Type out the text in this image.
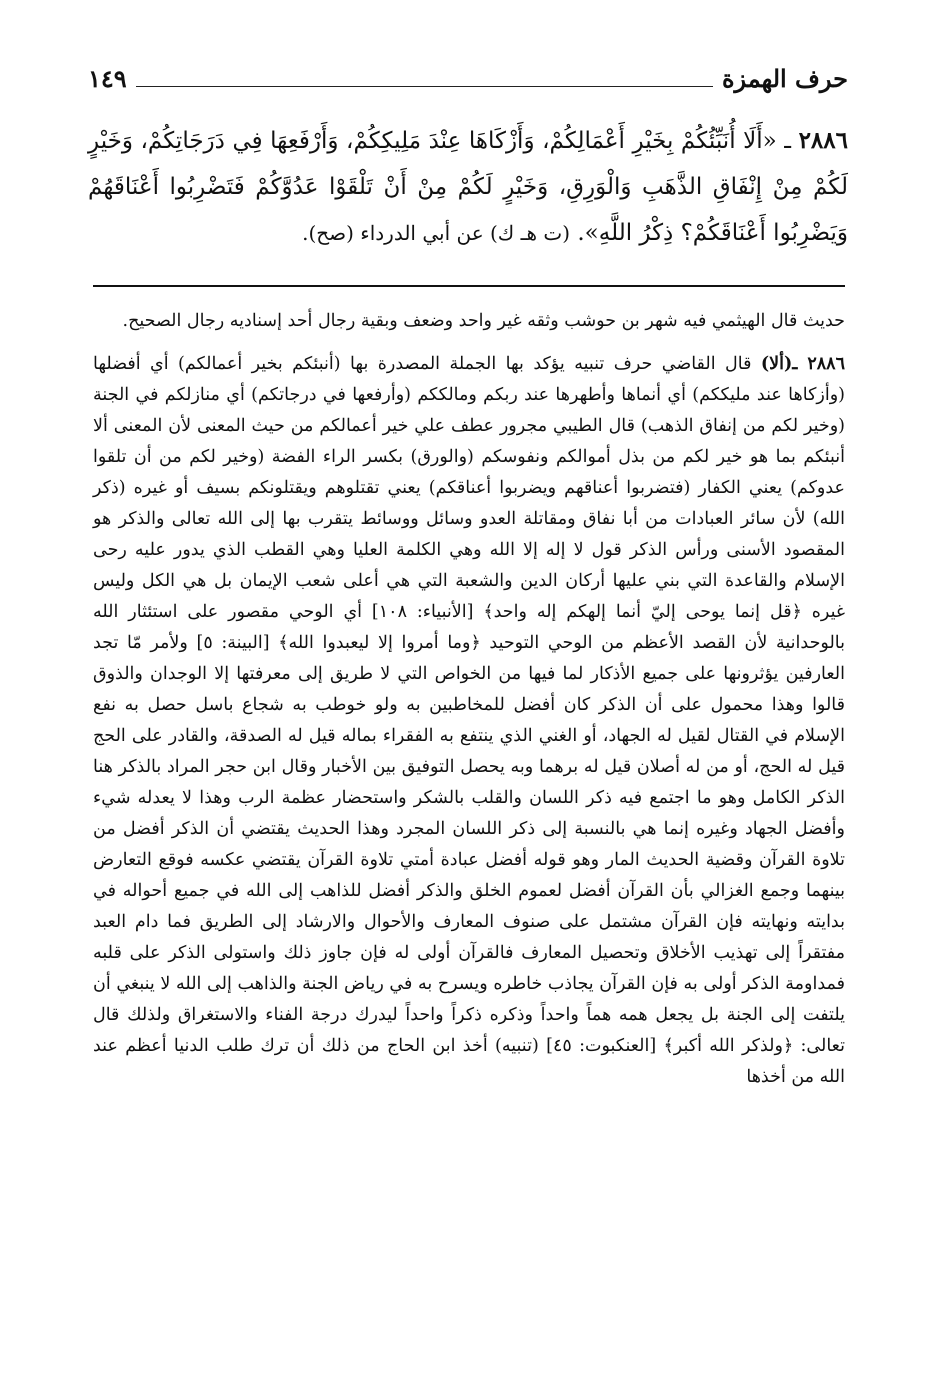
حرف الهمزة
١٤٩
٢٨٨٦ ـ «أَلَا أُنَبِّئُكُمْ بِخَيْرِ أَعْمَالِكُمْ، وَأَزْكَاهَا عِنْدَ مَلِيكِكُمْ، وَأَرْفَعِهَا فِي دَرَجَاتِكُمْ، وَخَيْرٍ لَكُمْ مِنْ إِنْفَاقِ الذَّهَبِ وَالْوَرِقِ، وَخَيْرٍ لَكُمْ مِنْ أَنْ تَلْقَوْا عَدُوَّكُمْ فَتَضْرِبُوا أَعْنَاقَهُمْ وَيَضْرِبُوا أَعْنَاقَكُمْ؟ ذِكْرُ اللَّهِ». (ت هـ ك) عن أبي الدرداء (صح).

حديث قال الهيثمي فيه شهر بن حوشب وثقه غير واحد وضعف وبقية رجال أحد إسناديه رجال الصحيح.

٢٨٨٦ ـ(ألا) قال القاضي حرف تنبيه يؤكد بها الجملة المصدرة بها (أنبئكم بخير أعمالكم) أي أفضلها (وأزكاها عند مليككم) أي أنماها وأطهرها عند ربكم ومالككم (وأرفعها في درجاتكم) أي منازلكم في الجنة (وخير لكم من إنفاق الذهب) قال الطيبي مجرور عطف علي خير أعمالكم من حيث المعنى لأن المعنى ألا أنبئكم بما هو خير لكم من بذل أموالكم ونفوسكم (والورق) بكسر الراء الفضة (وخير لكم من أن تلقوا عدوكم) يعني الكفار (فتضربوا أعناقهم ويضربوا أعناقكم) يعني تقتلوهم ويقتلونكم بسيف أو غيره (ذكر الله) لأن سائر العبادات من أبا نفاق ومقاتلة العدو وسائل ووسائط يتقرب بها إلى الله تعالى والذكر هو المقصود الأسنى ورأس الذكر قول لا إله إلا الله وهي الكلمة العليا وهي القطب الذي يدور عليه رحى الإسلام والقاعدة التي بني عليها أركان الدين والشعبة التي هي أعلى شعب الإيمان بل هي الكل وليس غيره ﴿قل إنما يوحى إليّ أنما إلهكم إله واحد﴾ [الأنبياء: ١٠٨] أي الوحي مقصور على استئثار الله بالوحدانية لأن القصد الأعظم من الوحي التوحيد ﴿وما أمروا إلا ليعبدوا الله﴾ [البينة: ٥] ولأمر مّا تجد العارفين يؤثرونها على جميع الأذكار لما فيها من الخواص التي لا طريق إلى معرفتها إلا الوجدان والذوق قالوا وهذا محمول على أن الذكر كان أفضل للمخاطبين به ولو خوطب به شجاع باسل حصل به نفع الإسلام في القتال لقيل له الجهاد، أو الغني الذي ينتفع به الفقراء بماله قيل له الصدقة، والقادر على الحج قيل له الحج، أو من له أصلان قيل له برهما وبه يحصل التوفيق بين الأخبار وقال ابن حجر المراد بالذكر هنا الذكر الكامل وهو ما اجتمع فيه ذكر اللسان والقلب بالشكر واستحضار عظمة الرب وهذا لا يعدله شيء وأفضل الجهاد وغيره إنما هي بالنسبة إلى ذكر اللسان المجرد وهذا الحديث يقتضي أن الذكر أفضل من تلاوة القرآن وقضية الحديث المار وهو قوله أفضل عبادة أمتي تلاوة القرآن يقتضي عكسه فوقع التعارض بينهما وجمع الغزالي بأن القرآن أفضل لعموم الخلق والذكر أفضل للذاهب إلى الله في جميع أحواله في بدايته ونهايته فإن القرآن مشتمل على صنوف المعارف والأحوال والارشاد إلى الطريق فما دام العبد مفتقراً إلى تهذيب الأخلاق وتحصيل المعارف فالقرآن أولى له فإن جاوز ذلك واستولى الذكر على قلبه فمداومة الذكر أولى به فإن القرآن يجاذب خاطره ويسرح به في رياض الجنة والذاهب إلى الله لا ينبغي أن يلتفت إلى الجنة بل يجعل همه هماً واحداً وذكره ذكراً واحداً ليدرك درجة الفناء والاستغراق ولذلك قال تعالى: ﴿ولذكر الله أكبر﴾ [العنكبوت: ٤٥] (تنبيه) أخذ ابن الحاج من ذلك أن ترك طلب الدنيا أعظم عند الله من أخذها
